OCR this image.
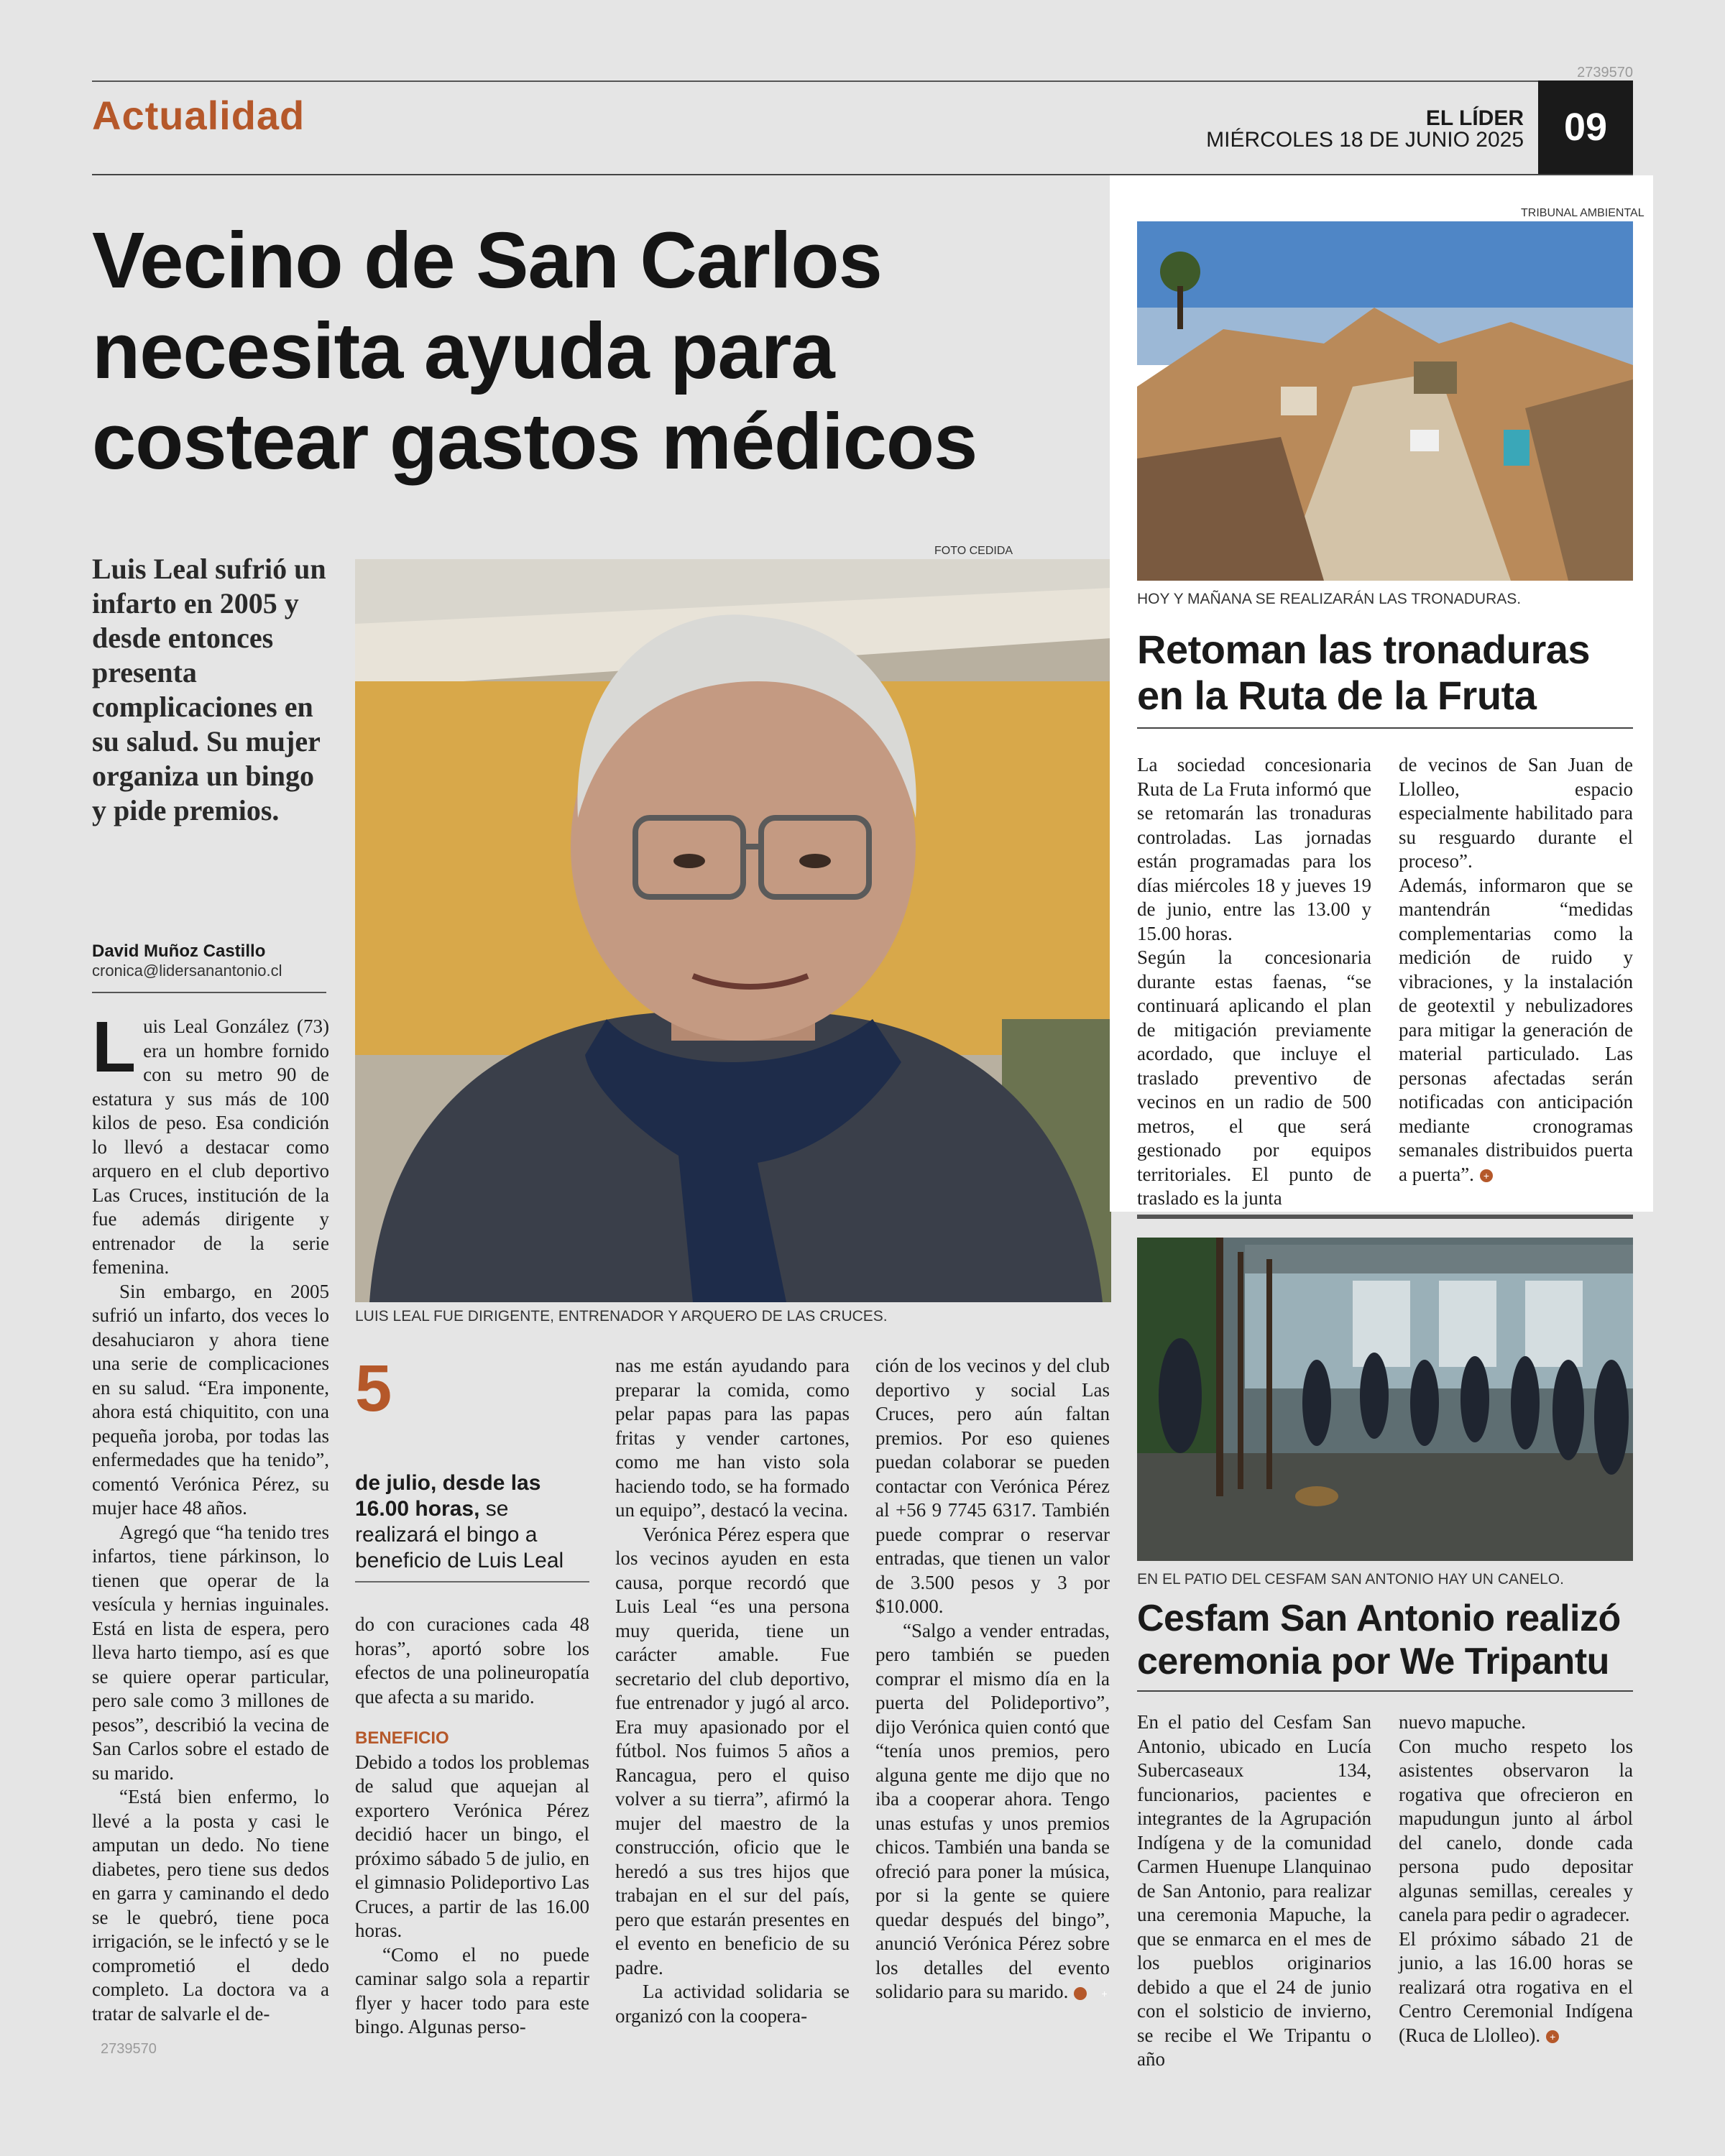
2739570
Actualidad	EL LÍDER
MIÉRCOLES 18 DE JUNIO 2025	09
Vecino de San Carlos
necesita ayuda para
costear gastos médicos
Luis Leal sufrió un infarto en 2005 y desde entonces presenta complicaciones en su salud. Su mujer organiza un bingo y pide premios.
David Muñoz Castillo
cronica@lidersanantonio.cl
FOTO CEDIDA
LUIS LEAL FUE DIRIGENTE, ENTRENADOR Y ARQUERO DE LAS CRUCES.

Luis Leal González (73) era un hombre fornido con su metro 90 de estatura y sus más de 100 kilos de peso. Esa condición lo llevó a destacar como arquero en el club deportivo Las Cruces, institución de la fue además dirigente y entrenador de la serie femenina.

Sin embargo, en 2005 sufrió un infarto, dos veces lo desahuciaron y ahora tiene una serie de complicaciones en su salud. “Era imponente, ahora está chiquitito, con una pequeña joroba, por todas las enfermedades que ha tenido”, comentó Verónica Pérez, su mujer hace 48 años.

Agregó que “ha tenido tres infartos, tiene párkinson, lo tienen que operar de la vesícula y hernias inguinales. Está en lista de espera, pero lleva harto tiempo, así es que se quiere operar particular, pero sale como 3 millones de pesos”, describió la vecina de San Carlos sobre el estado de su marido.

“Está bien enfermo, lo llevé a la posta y casi le amputan un dedo. No tiene diabetes, pero tiene sus dedos en garra y caminando el dedo se le quebró, tiene poca irrigación, se le infectó y se le comprometió el dedo completo. La doctora va a tratar de salvarle el de-

2739570
5
de julio, desde las 16.00 horas, se realizará el bingo a beneficio de Luis Leal

do con curaciones cada 48 horas”, aportó sobre los efectos de una polineuropatía que afecta a su marido.

BENEFICIO

Debido a todos los problemas de salud que aquejan al exportero Verónica Pérez decidió hacer un bingo, el próximo sábado 5 de julio, en el gimnasio Polideportivo Las Cruces, a partir de las 16.00 horas.

“Como el no puede caminar salgo sola a repartir flyer y hacer todo para este bingo. Algunas perso-

nas me están ayudando para preparar la comida, como pelar papas para las papas fritas y vender cartones, como me han visto sola haciendo todo, se ha formado un equipo”, destacó la vecina.

Verónica Pérez espera que los vecinos ayuden en esta causa, porque recordó que Luis Leal “es una persona muy querida, tiene un carácter amable. Fue secretario del club deportivo, fue entrenador y jugó al arco. Era muy apasionado por el fútbol. Nos fuimos 5 años a Rancagua, pero el quiso volver a su tierra”, afirmó la mujer del maestro de la construcción, oficio que le heredó a sus tres hijos que trabajan en el sur del país, pero que estarán presentes en el evento en beneficio de su padre.

La actividad solidaria se organizó con la coopera-

ción de los vecinos y del club deportivo y social Las Cruces, pero aún faltan premios. Por eso quienes puedan colaborar se pueden contactar con Verónica Pérez al +56 9 7745 6317. También puede comprar o reservar entradas, que tienen un valor de 3.500 pesos y 3 por $10.000.

“Salgo a vender entradas, pero también se pueden comprar el mismo día en la puerta del Polideportivo”, dijo Verónica quien contó que “tenía unos premios, pero alguna gente me dijo que no iba a cooperar ahora. Tengo unas estufas y unos premios chicos. También una banda se ofreció para poner la música, por si la gente se quiere quedar después del bingo”, anunció Verónica Pérez sobre los detalles del evento solidario para su marido.	+

TRIBUNAL AMBIENTAL
HOY Y MAÑANA SE REALIZARÁN LAS TRONADURAS.
Retoman las tronaduras
en la Ruta de la Fruta

La sociedad concesionaria Ruta de La Fruta informó que se retomarán las tronaduras controladas. Las jornadas están programadas para los días miércoles 18 y jueves 19 de junio, entre las 13.00 y 15.00 horas.

Según la concesionaria durante estas faenas, “se continuará aplicando el plan de mitigación previamente acordado, que incluye el traslado preventivo de vecinos en un radio de 500 metros, el que será gestionado por equipos territoriales. El punto de traslado es la junta

de vecinos de San Juan de Llolleo, espacio especialmente habilitado para su resguardo durante el proceso”.

Además, informaron que se mantendrán “medidas complementarias como la medición de ruido y vibraciones, y la instalación de geotextil y nebulizadores para mitigar la generación de material particulado. Las personas afectadas serán notificadas con anticipación mediante cronogramas semanales distribuidos puerta a puerta”. +

EN EL PATIO DEL CESFAM SAN ANTONIO HAY UN CANELO.
Cesfam San Antonio realizó
ceremonia por We Tripantu

En el patio del Cesfam San Antonio, ubicado en Lucía Subercaseaux 134, funcionarios, pacientes e integrantes de la Agrupación Indígena y de la comunidad Carmen Huenupe Llanquinao de San Antonio, para realizar una ceremonia Mapuche, la que se enmarca en el mes de los pueblos originarios debido a que el 24 de junio con el solsticio de invierno, se recibe el We Tripantu o año

nuevo mapuche.

Con mucho respeto los asistentes observaron la rogativa que ofrecieron en mapudungun junto al árbol del canelo, donde cada persona pudo depositar algunas semillas, cereales y canela para pedir o agradecer.

El próximo sábado 21 de junio, a las 16.00 horas se realizará otra rogativa en el Centro Ceremonial Indígena (Ruca de Llolleo). +
